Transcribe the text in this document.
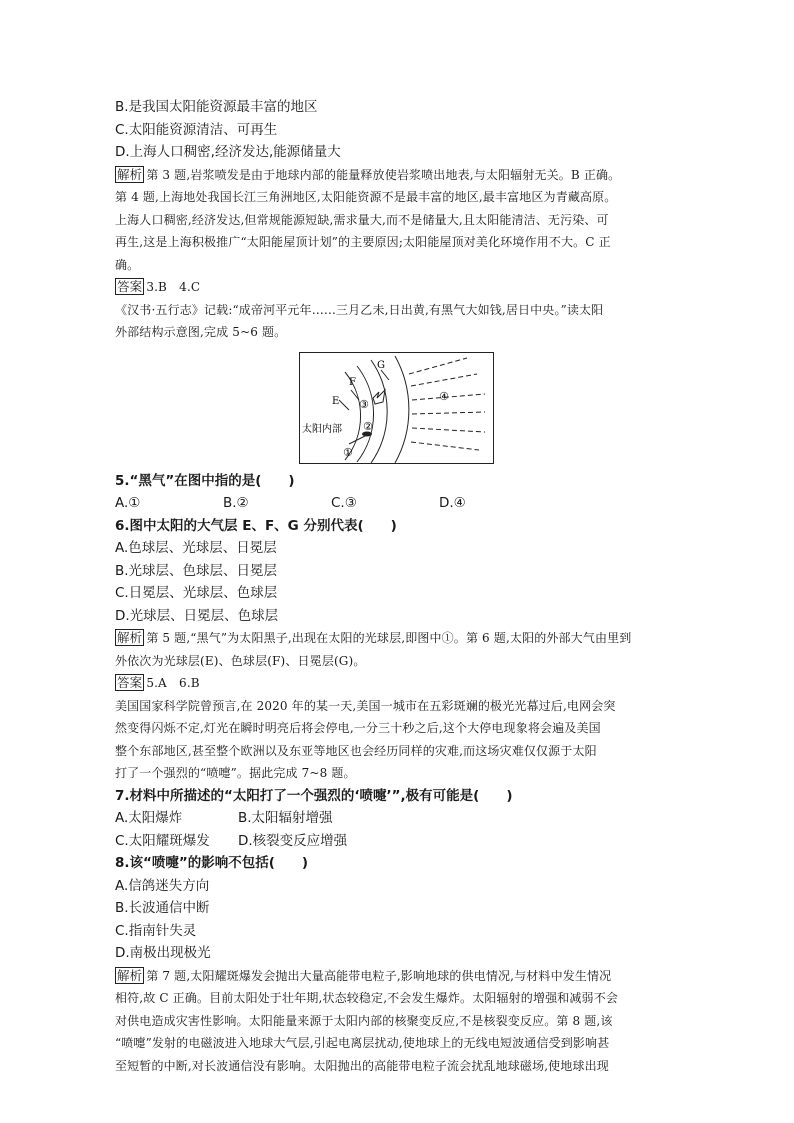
B.是我国太阳能资源最丰富的地区
C.太阳能资源清洁、可再生
D.上海人口稠密,经济发达,能源储量大
解析 第 3 题,岩浆喷发是由于地球内部的能量释放使岩浆喷出地表,与太阳辐射无关。B 正确。
第 4 题,上海地处我国长江三角洲地区,太阳能资源不是最丰富的地区,最丰富地区为青藏高原。
上海人口稠密,经济发达,但常规能源短缺,需求量大,而不是储量大,且太阳能清洁、无污染、可
再生,这是上海积极推广“太阳能屋顶计划”的主要原因;太阳能屋顶对美化环境作用不大。C 正
确。
答案 3.B　4.C
《汉书·五行志》记载:“成帝河平元年……三月乙未,日出黄,有黑气大如钱,居日中央。”读太阳
外部结构示意图,完成 5~6 题。
E
F
G
太阳内部
①
②
③
④
5.“黑气”在图中指的是(　　)
A.①	B.②	C.③	D.④
6.图中太阳的大气层 E、F、G 分别代表(　　)
A.色球层、光球层、日冕层
B.光球层、色球层、日冕层
C.日冕层、光球层、色球层
D.光球层、日冕层、色球层
解析 第 5 题,“黑气”为太阳黑子,出现在太阳的光球层,即图中①。第 6 题,太阳的外部大气由里到
外依次为光球层(E)、色球层(F)、日冕层(G)。
答案 5.A　6.B
美国国家科学院曾预言,在 2020 年的某一天,美国一城市在五彩斑斓的极光光幕过后,电网会突
然变得闪烁不定,灯光在瞬时明亮后将会停电,一分三十秒之后,这个大停电现象将会遍及美国
整个东部地区,甚至整个欧洲以及东亚等地区也会经历同样的灾难,而这场灾难仅仅源于太阳
打了一个强烈的“喷嚏”。据此完成 7~8 题。
7.材料中所描述的“太阳打了一个强烈的‘喷嚏’”,极有可能是(　　)
A.太阳爆炸	B.太阳辐射增强
C.太阳耀斑爆发	D.核裂变反应增强
8.该“喷嚏”的影响不包括(　　)
A.信鸽迷失方向
B.长波通信中断
C.指南针失灵
D.南极出现极光
解析 第 7 题,太阳耀斑爆发会抛出大量高能带电粒子,影响地球的供电情况,与材料中发生情况
相符,故 C 正确。目前太阳处于壮年期,状态较稳定,不会发生爆炸。太阳辐射的增强和减弱不会
对供电造成灾害性影响。太阳能量来源于太阳内部的核聚变反应,不是核裂变反应。第 8 题,该
“喷嚏”发射的电磁波进入地球大气层,引起电离层扰动,使地球上的无线电短波通信受到影响甚
至短暂的中断,对长波通信没有影响。太阳抛出的高能带电粒子流会扰乱地球磁场,使地球出现
